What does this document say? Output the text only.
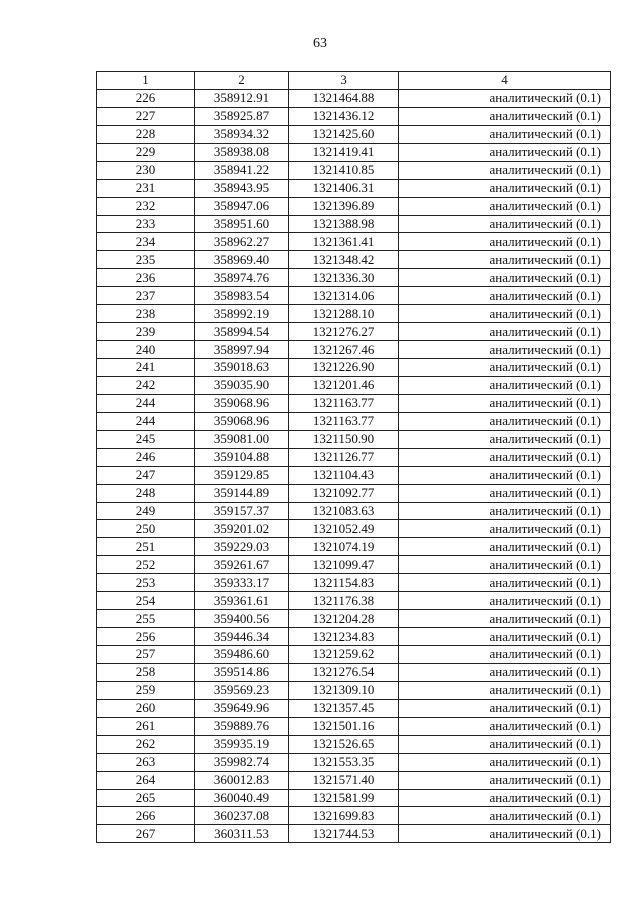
63
1	2	3	4
226	358912.91	1321464.88	аналитический (0.1)
227	358925.87	1321436.12	аналитический (0.1)
228	358934.32	1321425.60	аналитический (0.1)
229	358938.08	1321419.41	аналитический (0.1)
230	358941.22	1321410.85	аналитический (0.1)
231	358943.95	1321406.31	аналитический (0.1)
232	358947.06	1321396.89	аналитический (0.1)
233	358951.60	1321388.98	аналитический (0.1)
234	358962.27	1321361.41	аналитический (0.1)
235	358969.40	1321348.42	аналитический (0.1)
236	358974.76	1321336.30	аналитический (0.1)
237	358983.54	1321314.06	аналитический (0.1)
238	358992.19	1321288.10	аналитический (0.1)
239	358994.54	1321276.27	аналитический (0.1)
240	358997.94	1321267.46	аналитический (0.1)
241	359018.63	1321226.90	аналитический (0.1)
242	359035.90	1321201.46	аналитический (0.1)
244	359068.96	1321163.77	аналитический (0.1)
244	359068.96	1321163.77	аналитический (0.1)
245	359081.00	1321150.90	аналитический (0.1)
246	359104.88	1321126.77	аналитический (0.1)
247	359129.85	1321104.43	аналитический (0.1)
248	359144.89	1321092.77	аналитический (0.1)
249	359157.37	1321083.63	аналитический (0.1)
250	359201.02	1321052.49	аналитический (0.1)
251	359229.03	1321074.19	аналитический (0.1)
252	359261.67	1321099.47	аналитический (0.1)
253	359333.17	1321154.83	аналитический (0.1)
254	359361.61	1321176.38	аналитический (0.1)
255	359400.56	1321204.28	аналитический (0.1)
256	359446.34	1321234.83	аналитический (0.1)
257	359486.60	1321259.62	аналитический (0.1)
258	359514.86	1321276.54	аналитический (0.1)
259	359569.23	1321309.10	аналитический (0.1)
260	359649.96	1321357.45	аналитический (0.1)
261	359889.76	1321501.16	аналитический (0.1)
262	359935.19	1321526.65	аналитический (0.1)
263	359982.74	1321553.35	аналитический (0.1)
264	360012.83	1321571.40	аналитический (0.1)
265	360040.49	1321581.99	аналитический (0.1)
266	360237.08	1321699.83	аналитический (0.1)
267	360311.53	1321744.53	аналитический (0.1)
